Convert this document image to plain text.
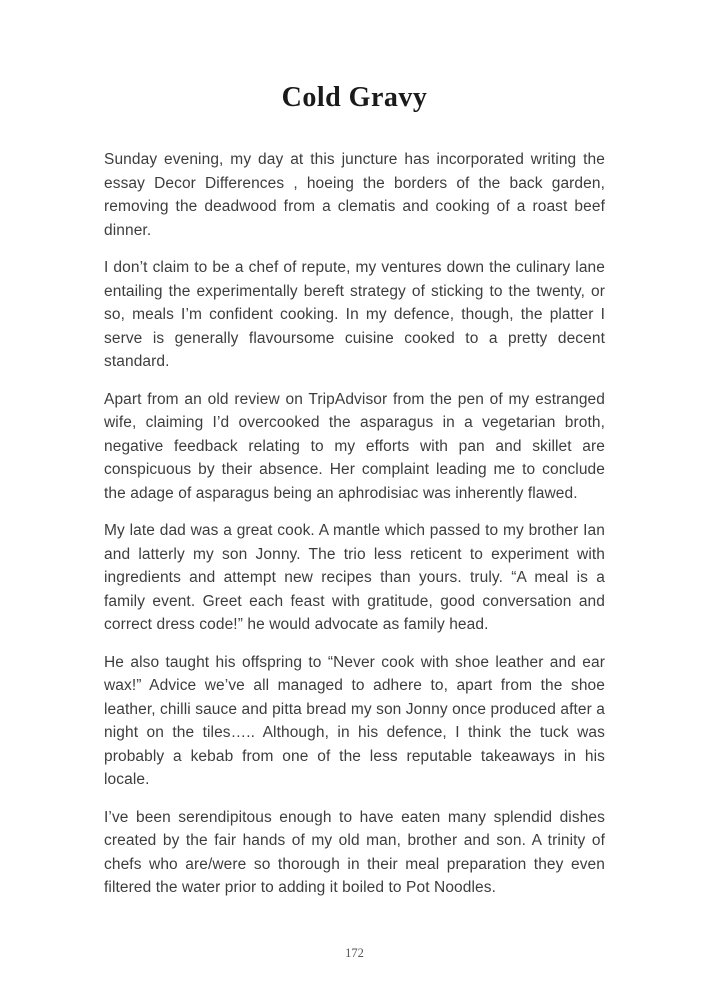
Cold Gravy

Sunday evening, my day at this juncture has incorporated writing the essay Decor Differences , hoeing the borders of the back garden, removing the deadwood from a clematis and cooking of a roast beef dinner.

I don’t claim to be a chef of repute, my ventures down the culinary lane entailing the experimentally bereft strategy of sticking to the twenty, or so, meals I’m confident cooking. In my defence, though, the platter I serve is generally flavoursome cuisine cooked to a pretty decent standard.

Apart from an old review on TripAdvisor from the pen of my estranged wife, claiming I’d overcooked the asparagus in a vegetarian broth, negative feedback relating to my efforts with pan and skillet are conspicuous by their absence. Her complaint leading me to conclude the adage of asparagus being an aphrodisiac was inherently flawed.

My late dad was a great cook. A mantle which passed to my brother Ian and latterly my son Jonny. The trio less reticent to experiment with ingredients and attempt new recipes than yours. truly. “A meal is a family event. Greet each feast with gratitude, good conversation and correct dress code!” he would advocate as family head.

He also taught his offspring to “Never cook with shoe leather and ear wax!” Advice we’ve all managed to adhere to, apart from the shoe leather, chilli sauce and pitta bread my son Jonny once produced after a night on the tiles….. Although, in his defence, I think the tuck was probably a kebab from one of the less reputable takeaways in his locale.

I’ve been serendipitous enough to have eaten many splendid dishes created by the fair hands of my old man, brother and son. A trinity of chefs who are/were so thorough in their meal preparation they even filtered the water prior to adding it boiled to Pot Noodles.

172
